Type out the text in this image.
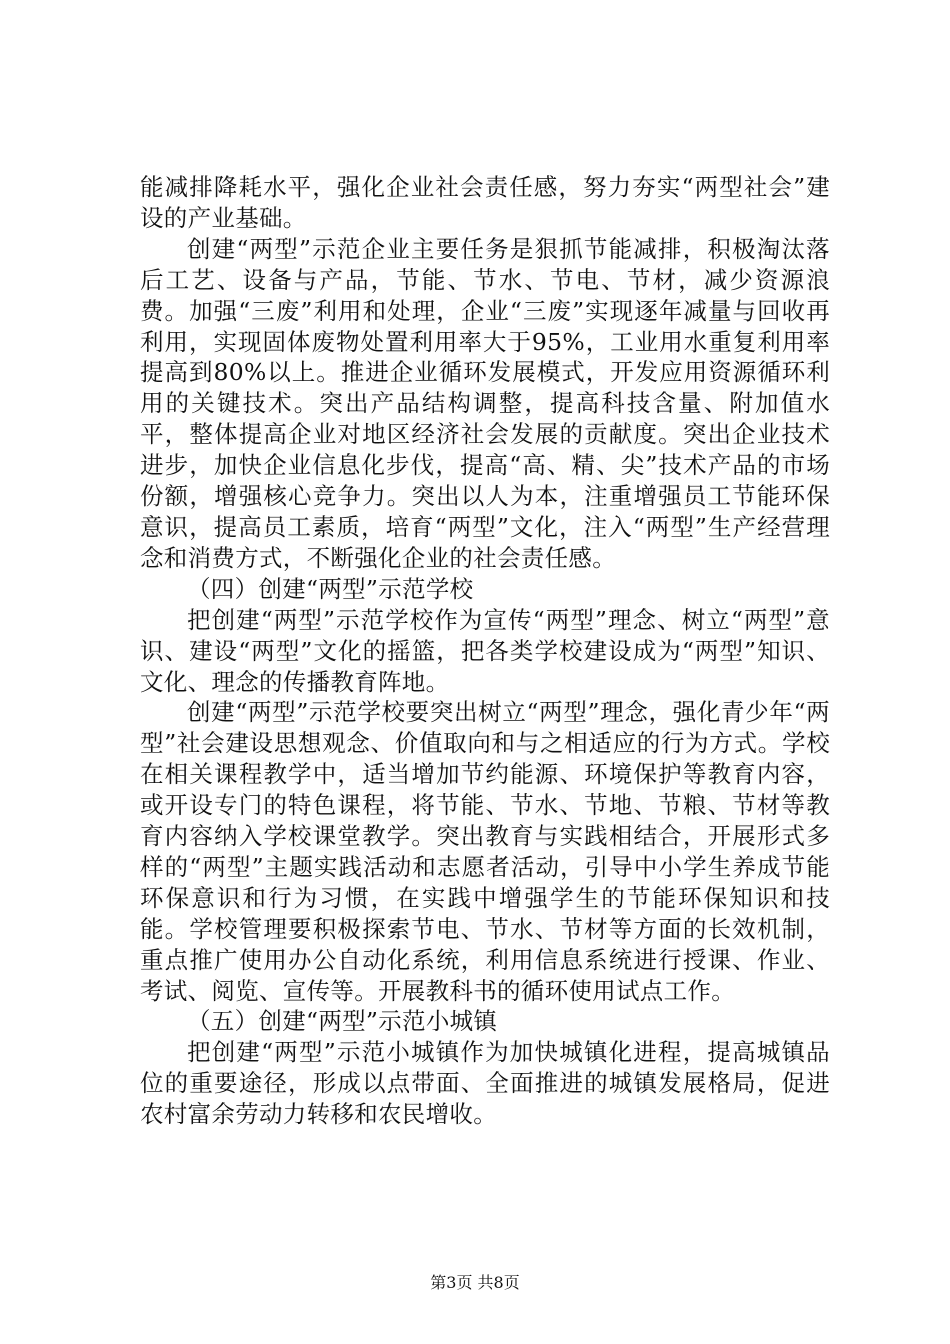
能减排降耗水平，强化企业社会责任感，努力夯实“两型社会”建设的产业基础。

创建“两型”示范企业主要任务是狠抓节能减排，积极淘汰落后工艺、设备与产品，节能、节水、节电、节材，减少资源浪费。加强“三废”利用和处理，企业“三废”实现逐年减量与回收再利用，实现固体废物处置利用率大于95%，工业用水重复利用率提高到80%以上。推进企业循环发展模式，开发应用资源循环利用的关键技术。突出产品结构调整，提高科技含量、附加值水平，整体提高企业对地区经济社会发展的贡献度。突出企业技术进步，加快企业信息化步伐，提高“高、精、尖”技术产品的市场份额，增强核心竞争力。突出以人为本，注重增强员工节能环保意识，提高员工素质，培育“两型”文化，注入“两型”生产经营理念和消费方式，不断强化企业的社会责任感。

（四）创建“两型”示范学校

把创建“两型”示范学校作为宣传“两型”理念、树立“两型”意识、建设“两型”文化的摇篮，把各类学校建设成为“两型”知识、文化、理念的传播教育阵地。

创建“两型”示范学校要突出树立“两型”理念，强化青少年“两型”社会建设思想观念、价值取向和与之相适应的行为方式。学校在相关课程教学中，适当增加节约能源、环境保护等教育内容，或开设专门的特色课程，将节能、节水、节地、节粮、节材等教育内容纳入学校课堂教学。突出教育与实践相结合，开展形式多样的“两型”主题实践活动和志愿者活动，引导中小学生养成节能环保意识和行为习惯，在实践中增强学生的节能环保知识和技能。学校管理要积极探索节电、节水、节材等方面的长效机制，重点推广使用办公自动化系统，利用信息系统进行授课、作业、考试、阅览、宣传等。开展教科书的循环使用试点工作。

（五）创建“两型”示范小城镇

把创建“两型”示范小城镇作为加快城镇化进程，提高城镇品位的重要途径，形成以点带面、全面推进的城镇发展格局，促进农村富余劳动力转移和农民增收。

第3页 共8页
